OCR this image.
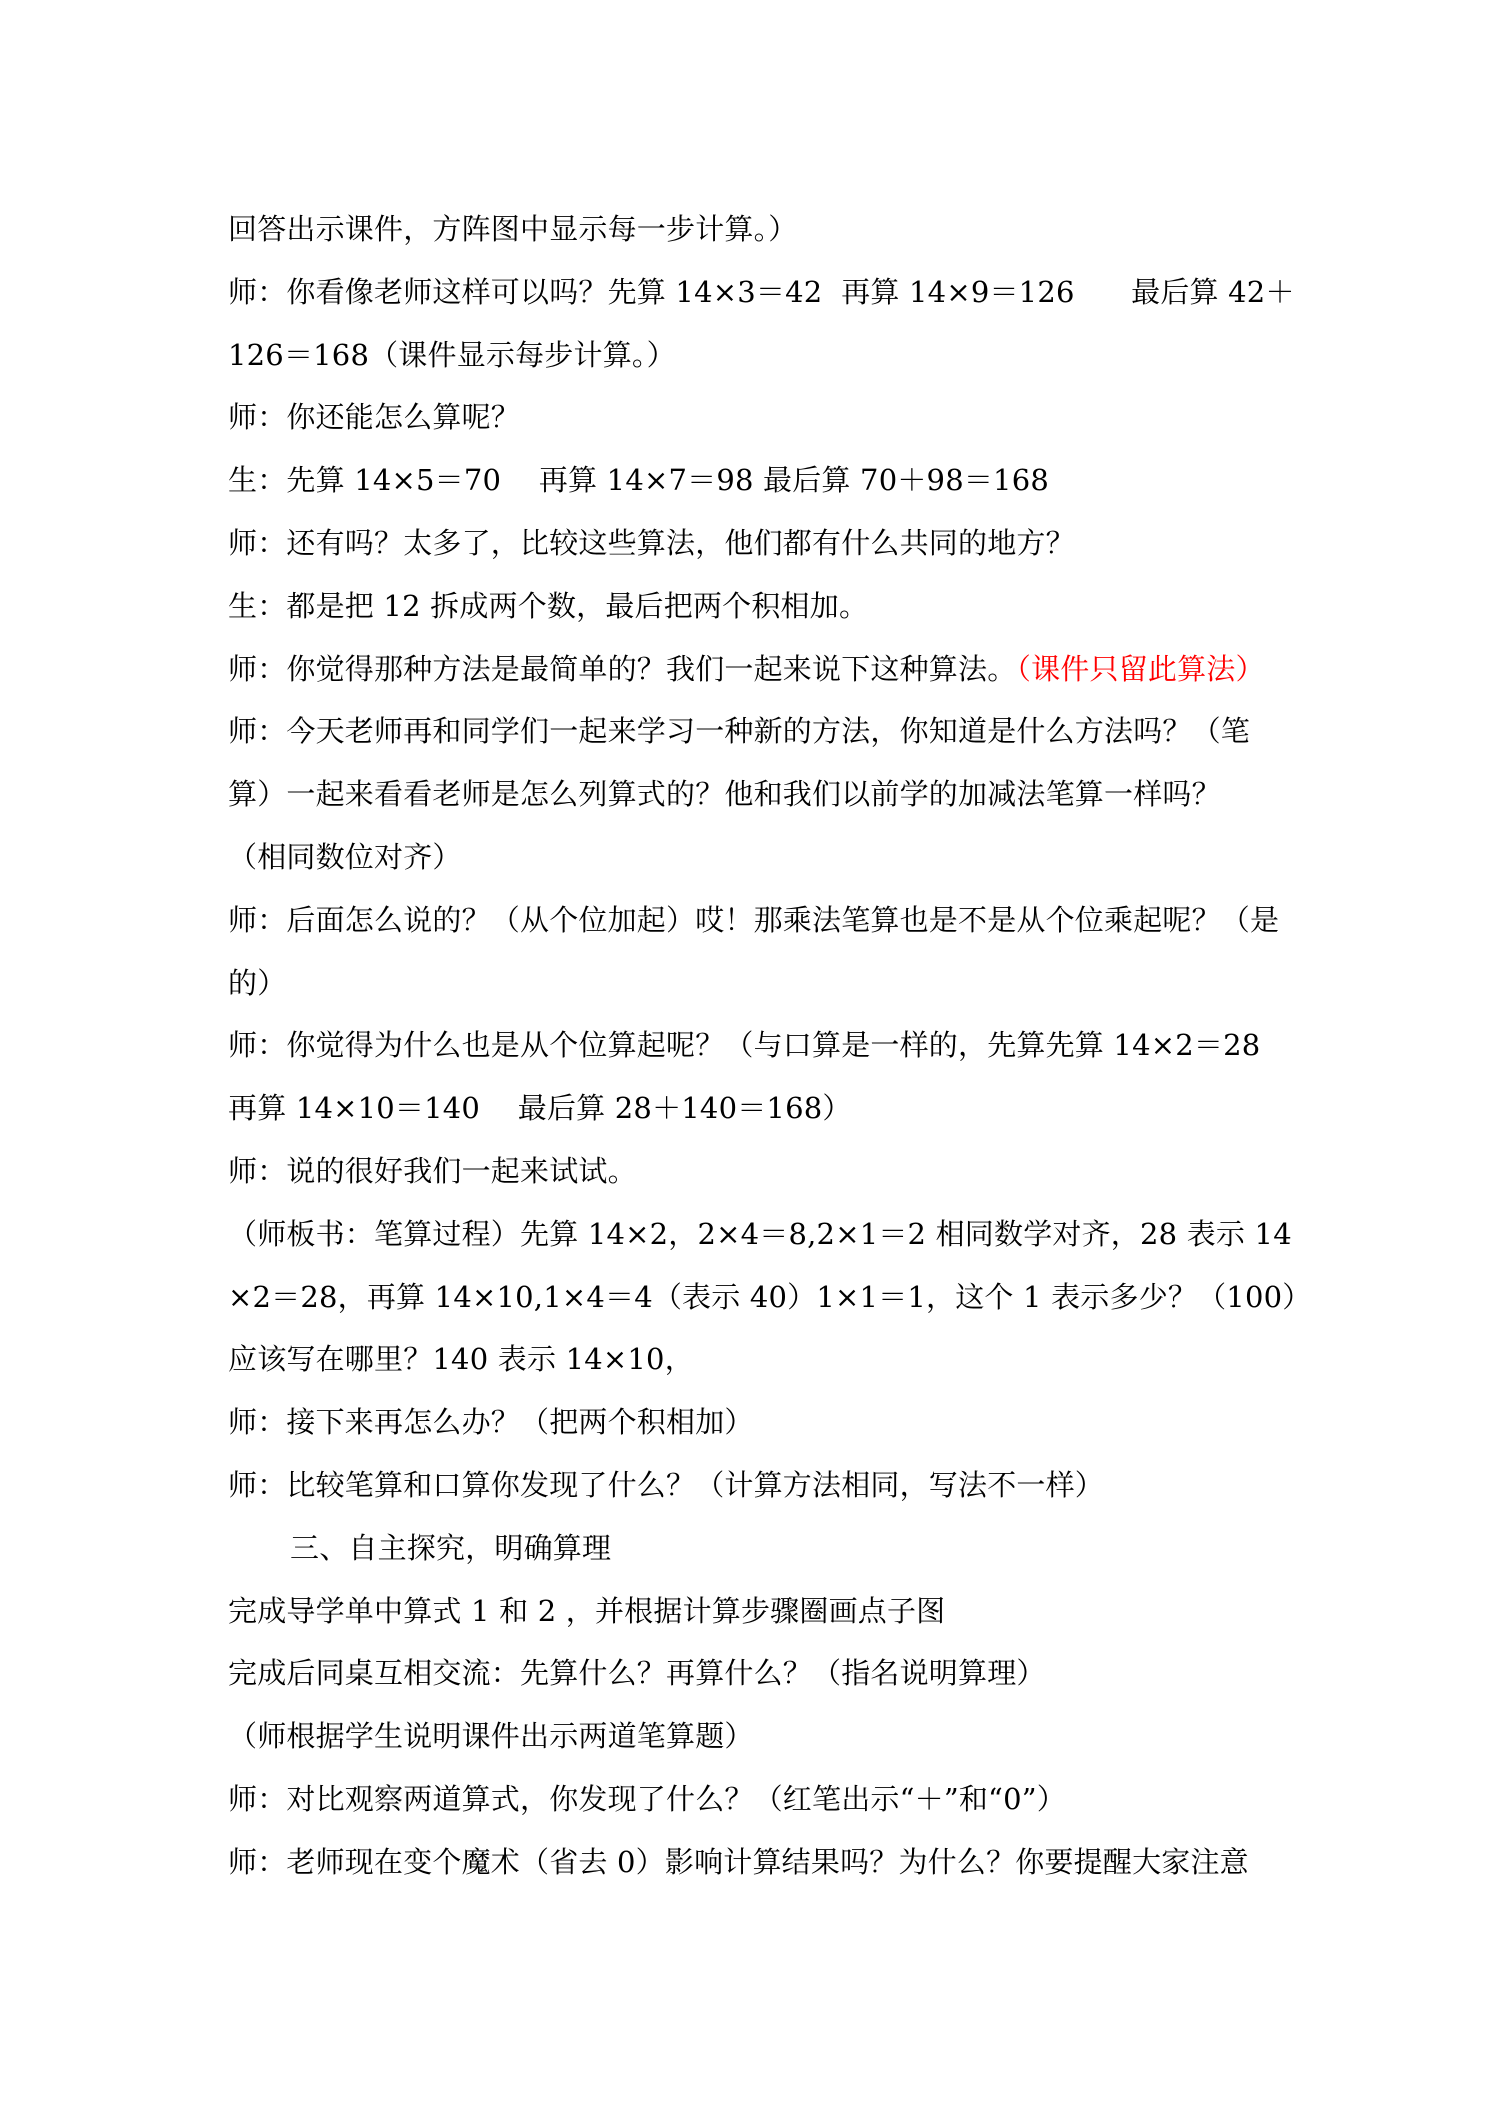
回答出示课件，方阵图中显示每一步计算。）
师：你看像老师这样可以吗？先算 14×3＝42  再算 14×9＝126      最后算 42＋
126＝168（课件显示每步计算。）
师：你还能怎么算呢？
生：先算 14×5＝70    再算 14×7＝98 最后算 70＋98＝168
师：还有吗？太多了，比较这些算法，他们都有什么共同的地方？
生：都是把 12 拆成两个数，最后把两个积相加。
师：你觉得那种方法是最简单的？我们一起来说下这种算法。（课件只留此算法）
师：今天老师再和同学们一起来学习一种新的方法，你知道是什么方法吗？（笔
算）一起来看看老师是怎么列算式的？他和我们以前学的加减法笔算一样吗？
（相同数位对齐）
师：后面怎么说的？（从个位加起）哎！那乘法笔算也是不是从个位乘起呢？（是
的）
师：你觉得为什么也是从个位算起呢？（与口算是一样的，先算先算 14×2＝28
再算 14×10＝140    最后算 28＋140＝168）
师：说的很好我们一起来试试。
（师板书：笔算过程）先算 14×2，2×4＝8,2×1＝2 相同数学对齐，28 表示 14
×2＝28，再算 14×10,1×4＝4（表示 40）1×1＝1，这个 1 表示多少？（100）
应该写在哪里？140 表示 14×10，
师：接下来再怎么办？（把两个积相加）
师：比较笔算和口算你发现了什么？（计算方法相同，写法不一样）
三、自主探究，明确算理
完成导学单中算式 1 和 2 ，并根据计算步骤圈画点子图
完成后同桌互相交流：先算什么？再算什么？（指名说明算理）
（师根据学生说明课件出示两道笔算题）
师：对比观察两道算式，你发现了什么？（红笔出示“＋”和“0”）
师：老师现在变个魔术（省去 0）影响计算结果吗？为什么？你要提醒大家注意
